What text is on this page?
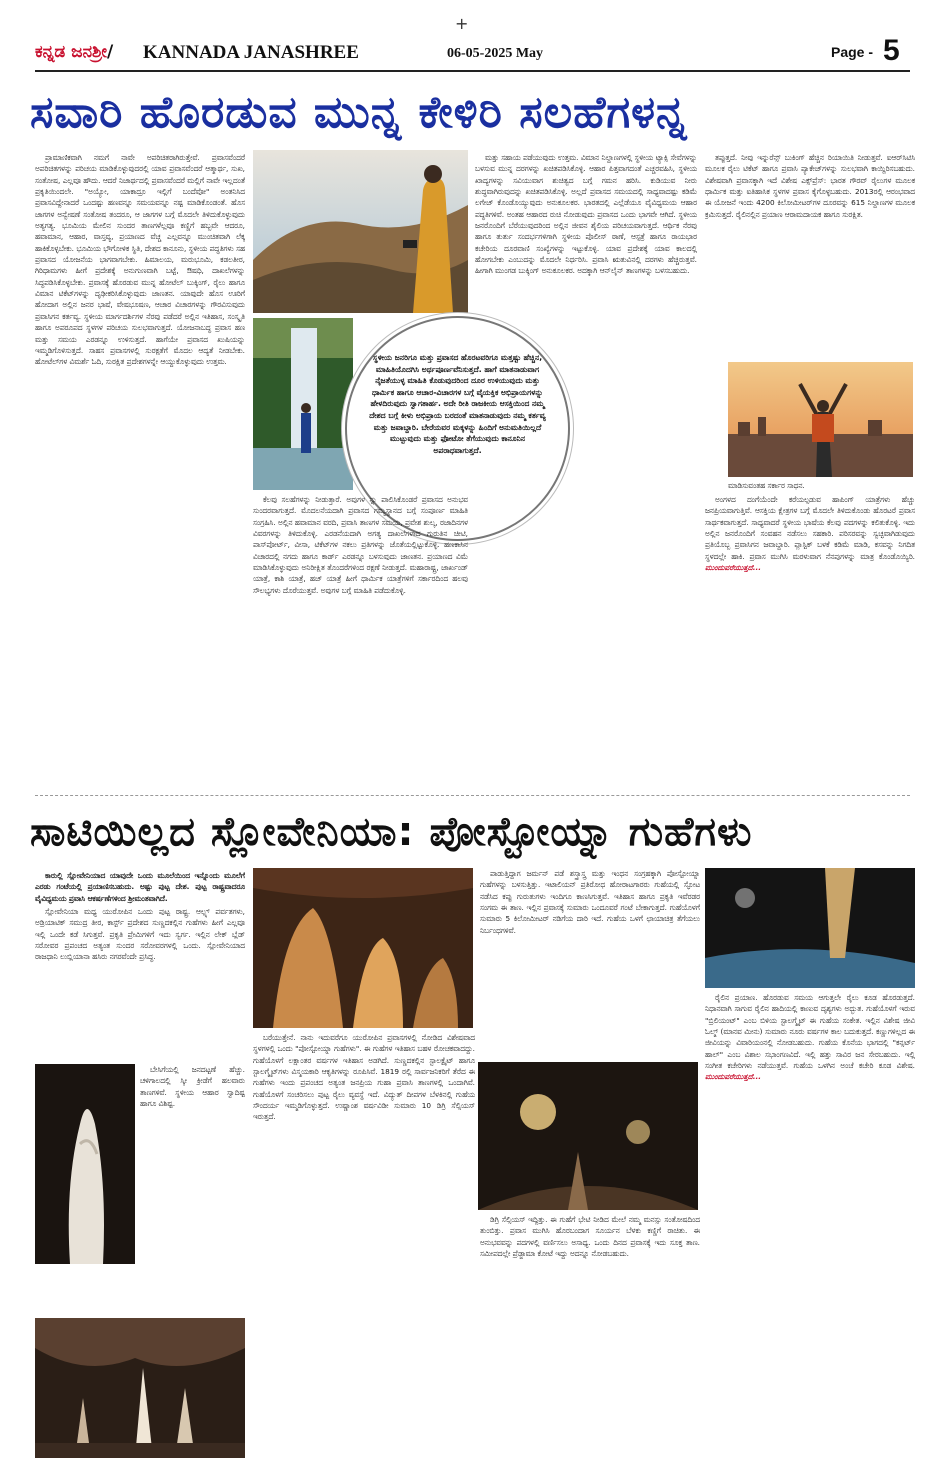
+
ಕನ್ನಡ ಜನಶ್ರೀ/ KANNADA JANASHREE	06-05-2025 May	Page - 5
ಸವಾರಿ ಹೊರಡುವ ಮುನ್ನ ಕೇಳಿರಿ ಸಲಹೆಗಳನ್ನ

ಪ್ರಾಮಾಣಿಕವಾಗಿ ನಮಗೆ ನಾವೇ ಅಪರಿಚಿತರಾಗಿರುತ್ತೇವೆ. ಪ್ರವಾಸವೆಂದರೆ ಅಪರಿಚಿತಗಳನ್ನು ಪರಿಚಯ ಮಾಡಿಕೊಳ್ಳುವುದರಲ್ಲಿ ಯಾವ ಪ್ರವಾಸವೆಂದರೆ ಆತ್ಮಾರ್ಥ, ಸುಖ, ಸಂತೋಷ, ಎಲ್ಲವೂ ಹೌದು. ಆದರೆ ನಿಜಾರ್ಥದಲ್ಲಿ ಪ್ರವಾಸವೆಂದರೆ ಮಲ್ಲಿಗೆ ನಾವೇ ಇಲ್ಲದಂತೆ ಪ್ರಕೃತಿಯಿಂದಲೇ. "ಅಯ್ಯೋ, ಯಾಕಾದ್ರೂ ಇಲ್ಲಿಗೆ ಬಂದೆವೋ" ಅಂತನಿಸಿದ ಪ್ರವಾಸವಿದ್ದೇನಾದರೆ ಒಂದಷ್ಟು ಹಣವನ್ನೂ ಸಮಯವನ್ನೂ ನಷ್ಟ ಮಾಡಿಕೊಂಡಂತೆ. ಹೊಸ ಜಾಗಗಳ ಅನ್ವೇಷಣೆ ಸಂತೋಷ ತಂದರೂ, ಆ ಜಾಗಗಳ ಬಗ್ಗೆ ಮೊದಲೇ ತಿಳಿದುಕೊಳ್ಳುವುದು ಅತ್ಯಗತ್ಯ. ಭೂಮಿಯ ಮೇಲಿನ ಸುಂದರ ತಾಣಗಳೆಲ್ಲವೂ ಕಣ್ಣಿಗೆ ಹಬ್ಬವೇ ಆದರೂ, ಹವಾಮಾನ, ಆಹಾರ, ವಾಸ್ತವ್ಯ, ಪ್ರಯಾಣದ ವೆಚ್ಚ ಎಲ್ಲವನ್ನೂ ಮುಂಚಿತವಾಗಿ ಲೆಕ್ಕ ಹಾಕಿಕೊಳ್ಳಬೇಕು. ಭೂಮಿಯ ಭೌಗೋಳಿಕ ಸ್ಥಿತಿ, ದೇಶದ ಕಾನೂನು, ಸ್ಥಳೀಯ ಪದ್ಧತಿಗಳು ಸಹ ಪ್ರವಾಸದ ಯೋಜನೆಯ ಭಾಗವಾಗಬೇಕು. ಹಿಮಾಲಯ, ಮರುಭೂಮಿ, ಕಡಲತೀರ, ಗಿರಿಧಾಮಗಳು ಹೀಗೆ ಪ್ರದೇಶಕ್ಕೆ ಅನುಗುಣವಾಗಿ ಬಟ್ಟೆ, ಔಷಧಿ, ದಾಖಲೆಗಳನ್ನು ಸಿದ್ಧಪಡಿಸಿಕೊಳ್ಳಬೇಕು. ಪ್ರವಾಸಕ್ಕೆ ಹೊರಡುವ ಮುನ್ನ ಹೋಟೆಲ್ ಬುಕ್ಕಿಂಗ್, ರೈಲು ಹಾಗೂ ವಿಮಾನ ಟಿಕೆಟ್‌ಗಳನ್ನು ದೃಢೀಕರಿಸಿಕೊಳ್ಳುವುದು ಜಾಣತನ. ಯಾವುದೇ ಹೊಸ ಊರಿಗೆ ಹೋದಾಗ ಅಲ್ಲಿನ ಜನರ ಭಾಷೆ, ವೇಷಭೂಷಣ, ಆಚಾರ ವಿಚಾರಗಳನ್ನು ಗೌರವಿಸುವುದು ಪ್ರವಾಸಿಗನ ಕರ್ತವ್ಯ. ಸ್ಥಳೀಯ ಮಾರ್ಗದರ್ಶಿಗಳ ನೆರವು ಪಡೆದರೆ ಅಲ್ಲಿನ ಇತಿಹಾಸ, ಸಂಸ್ಕೃತಿ ಹಾಗೂ ಅಪರೂಪದ ಸ್ಥಳಗಳ ಪರಿಚಯ ಸುಲಭವಾಗುತ್ತದೆ. ಯೋಜನಾಬದ್ಧ ಪ್ರವಾಸ ಹಣ ಮತ್ತು ಸಮಯ ಎರಡನ್ನೂ ಉಳಿಸುತ್ತದೆ. ಹಾಗೆಯೇ ಪ್ರವಾಸದ ಖುಷಿಯನ್ನು ಇಮ್ಮಡಿಗೊಳಿಸುತ್ತದೆ. ಸಾಹಸ ಪ್ರವಾಸಗಳಲ್ಲಿ ಸುರಕ್ಷತೆಗೆ ಮೊದಲ ಆದ್ಯತೆ ನೀಡಬೇಕು. ಹೋಟೆಲ್‌ಗಳ ವಿಮರ್ಶೆ ಓದಿ, ಸುರಕ್ಷಿತ ಪ್ರದೇಶಗಳನ್ನೇ ಆಯ್ದುಕೊಳ್ಳುವುದು ಉತ್ತಮ.	ಸ್ಥಳೀಯ ಜನರಿಗೂ ಮತ್ತು ಪ್ರವಾಸದ ಹೊರಟವರಿಗೂ ಮತ್ತಷ್ಟು ಹೆಚ್ಚಿನ, ಮಾಹಿತಿಯೊದಗಿಸಿ ಅರ್ಥಪೂರ್ಣವೆನಿಸುತ್ತದೆ. ಹಾಗೆ ಮಾತನಾಡುವಾಗ ನೈಜತೆಯುಳ್ಳ ಮಾಹಿತಿ ಕೊಡುವುದರಿಂದ ದೂರ ಉಳಿಯುವುದು ಮತ್ತು ಧಾರ್ಮಿಕ ಹಾಗೂ ಆಚಾರ-ವಿಚಾರಗಳ ಬಗ್ಗೆ ವೈಯಕ್ತಿಕ ಅಭಿಪ್ರಾಯಗಳನ್ನು ಹೇಳದಿರುವುದು ಸ್ವಾಗತಾರ್ಹ. ಅದೇ ರೀತಿ ರಾಜಕೀಯ ಆಸಕ್ತಿಯಿಂದ ನಮ್ಮ ದೇಶದ ಬಗ್ಗೆ ಕೀಳು ಅಭಿಪ್ರಾಯ ಬರದಂತೆ ಮಾತನಾಡುವುದು ನಮ್ಮ ಕರ್ತವ್ಯ ಮತ್ತು ಜವಾಬ್ದಾರಿ. ಬೇರೆಯವರ ಮಕ್ಕಳನ್ನು ಹಿಂದಿಗೆ ಅನುಮತಿಯಿಲ್ಲದೆ ಮುಟ್ಟುವುದು ಮತ್ತು ಫೋಟೋ ತೆಗೆಯುವುದು ಕಾನೂನಿನ ಅಪರಾಧವಾಗುತ್ತದೆ.

ಕೆಲವು ಸಲಹೆಗಳನ್ನು ನೀಡುತ್ತಾರೆ. ಅವುಗಳ ನ್ನು ಪಾಲಿಸಿಕೊಂಡರೆ ಪ್ರವಾಸದ ಅನುಭವ ಸುಂದರವಾಗುತ್ತದೆ. ಮೊದಲನೆಯದಾಗಿ ಪ್ರವಾಸದ ಗಮ್ಯಸ್ಥಾನದ ಬಗ್ಗೆ ಸಂಪೂರ್ಣ ಮಾಹಿತಿ ಸಂಗ್ರಹಿಸಿ. ಅಲ್ಲಿನ ಹವಾಮಾನ ವರದಿ, ಪ್ರವಾಸಿ ತಾಣಗಳ ಸಮಯ, ಪ್ರವೇಶ ಶುಲ್ಕ, ರಜಾದಿನಗಳ ವಿವರಗಳನ್ನು ತಿಳಿದುಕೊಳ್ಳಿ. ಎರಡನೆಯದಾಗಿ ಅಗತ್ಯ ದಾಖಲೆಗಳಾದ ಗುರುತಿನ ಚೀಟಿ, ಪಾಸ್‌ಪೋರ್ಟ್, ವೀಸಾ, ಟಿಕೆಟ್‌ಗಳ ನಕಲು ಪ್ರತಿಗಳನ್ನು ಜೊತೆಯಲ್ಲಿಟ್ಟುಕೊಳ್ಳಿ. ಹಣಕಾಸಿನ ವಿಚಾರದಲ್ಲಿ ನಗದು ಹಾಗೂ ಕಾರ್ಡ್ ಎರಡನ್ನೂ ಬಳಸುವುದು ಜಾಣತನ. ಪ್ರಯಾಣದ ವಿಮೆ ಮಾಡಿಸಿಕೊಳ್ಳುವುದು ಅನಿರೀಕ್ಷಿತ ತೊಂದರೆಗಳಿಂದ ರಕ್ಷಣೆ ನೀಡುತ್ತದೆ. ಮಹಾರಾಷ್ಟ್ರ, ಜಾರ್ಖಂಡ್ ಯಾತ್ರೆ, ಕಾಶಿ ಯಾತ್ರೆ, ಹಜ್ ಯಾತ್ರೆ ಹೀಗೆ ಧಾರ್ಮಿಕ ಯಾತ್ರೆಗಳಿಗೆ ಸರ್ಕಾರದಿಂದ ಹಲವು ಸೌಲಭ್ಯಗಳು ದೊರೆಯುತ್ತವೆ. ಅವುಗಳ ಬಗ್ಗೆ ಮಾಹಿತಿ ಪಡೆದುಕೊಳ್ಳಿ.

ಮತ್ತು ಸಹಾಯ ಪಡೆಯುವುದು ಉತ್ತಮ. ವಿಮಾನ ನಿಲ್ದಾಣಗಳಲ್ಲಿ ಸ್ಥಳೀಯ ಟ್ಯಾಕ್ಸಿ ಸೇವೆಗಳನ್ನು ಬಳಸುವ ಮುನ್ನ ದರಗಳನ್ನು ಖಚಿತಪಡಿಸಿಕೊಳ್ಳಿ. ಆಹಾರ ಪಿತ್ತವಾಗದಂತೆ ಎಚ್ಚರವಹಿಸಿ, ಸ್ಥಳೀಯ ಖಾದ್ಯಗಳನ್ನು ಸವಿಯುವಾಗ ಶುಚಿತ್ವದ ಬಗ್ಗೆ ಗಮನ ಹರಿಸಿ. ಕುಡಿಯುವ ನೀರು ಶುದ್ಧವಾಗಿರುವುದನ್ನು ಖಚಿತಪಡಿಸಿಕೊಳ್ಳಿ. ಅಲ್ಲದೆ ಪ್ರವಾಸದ ಸಮಯದಲ್ಲಿ ಸಾಧ್ಯವಾದಷ್ಟು ಕಡಿಮೆ ಲಗೇಜ್ ಕೊಂಡೊಯ್ಯುವುದು ಅನುಕೂಲಕರ. ಭಾರತದಲ್ಲಿ ಎಲ್ಲೆಡೆಯೂ ವೈವಿಧ್ಯಮಯ ಆಹಾರ ಪದ್ಧತಿಗಳಿವೆ. ಅಂತಹ ಆಹಾರದ ರುಚಿ ನೋಡುವುದು ಪ್ರವಾಸದ ಒಂದು ಭಾಗವೇ ಆಗಿದೆ. ಸ್ಥಳೀಯ ಜನರೊಂದಿಗೆ ಬೆರೆಯುವುದರಿಂದ ಅಲ್ಲಿನ ಜೀವನ ಶೈಲಿಯ ಪರಿಚಯವಾಗುತ್ತದೆ. ಆರ್ಥಿಕ ನೆರವು ಹಾಗೂ ತುರ್ತು ಸಂದರ್ಭಗಳಿಗಾಗಿ ಸ್ಥಳೀಯ ಪೊಲೀಸ್ ಠಾಣೆ, ಆಸ್ಪತ್ರೆ ಹಾಗೂ ರಾಯಭಾರ ಕಚೇರಿಯ ದೂರವಾಣಿ ಸಂಖ್ಯೆಗಳನ್ನು ಇಟ್ಟುಕೊಳ್ಳಿ. ಯಾವ ಪ್ರದೇಶಕ್ಕೆ ಯಾವ ಕಾಲದಲ್ಲಿ ಹೋಗಬೇಕು ಎಂಬುದನ್ನು ಮೊದಲೇ ನಿರ್ಧರಿಸಿ. ಪ್ರವಾಸಿ ಋತುವಿನಲ್ಲಿ ದರಗಳು ಹೆಚ್ಚಿರುತ್ತವೆ. ಹೀಗಾಗಿ ಮುಂಗಡ ಬುಕ್ಕಿಂಗ್ ಅನುಕೂಲಕರ. ಅದಕ್ಕಾಗಿ ಆನ್‌ಲೈನ್ ತಾಣಗಳನ್ನು ಬಳಸಬಹುದು.

ತಪ್ಪುತ್ತದೆ. ನೀವು ಇನ್ನುರೆನ್ಸ್ ಬುಕಿಂಗ್ ಹೆಚ್ಚಿನ ರಿಯಾಯಿತಿ ನೀಡುತ್ತವೆ. ಐಆರ್‌ಸಿಟಿಸಿ ಮೂಲಕ ರೈಲು ಟಿಕೆಟ್ ಹಾಗೂ ಪ್ರವಾಸಿ ಪ್ಯಾಕೇಜ್‌ಗಳನ್ನು ಸುಲಭವಾಗಿ ಕಾಯ್ದಿರಿಸಬಹುದು. ವಿಶೇಷವಾಗಿ ಪ್ರವಾಸಕ್ಕಾಗಿ ಇದೆ ವಿಶೇಷ ಎಕ್ಸ್‌ಪ್ರೆಸ್: ಭಾರತ ಗೌರವ್ ರೈಲುಗಳ ಮೂಲಕ ಧಾರ್ಮಿಕ ಮತ್ತು ಐತಿಹಾಸಿಕ ಸ್ಥಳಗಳ ಪ್ರವಾಸ ಕೈಗೊಳ್ಳಬಹುದು. 2013ರಲ್ಲಿ ಆರಂಭವಾದ ಈ ಯೋಜನೆ ಇಂದು 4200 ಕಿಲೋಮೀಟರ್‌ಗಳ ದೂರವನ್ನು 615 ನಿಲ್ದಾಣಗಳ ಮೂಲಕ ಕ್ರಮಿಸುತ್ತದೆ. ರೈಲಿನಲ್ಲಿನ ಪ್ರಯಾಣ ಆರಾಮದಾಯಕ ಹಾಗೂ ಸುರಕ್ಷಿತ.

ಮಾಡಿಸುವಂತಹ ಸರ್ಕಾರ ಸಾಧನ.

ಅಂಗಳದ ದಂಗೆಯೆಂದೇ ಕರೆಯಲ್ಪಡುವ ಹಾಪಿಂಗ್ ಯಾತ್ರೆಗಳು ಹೆಚ್ಚು ಜನಪ್ರಿಯವಾಗುತ್ತಿವೆ. ಆಸಕ್ತಿಯ ಕ್ಷೇತ್ರಗಳ ಬಗ್ಗೆ ಮೊದಲೇ ತಿಳಿದುಕೊಂಡು ಹೊರಟರೆ ಪ್ರವಾಸ ಸಾರ್ಥಕವಾಗುತ್ತದೆ. ಸಾಧ್ಯವಾದರೆ ಸ್ಥಳೀಯ ಭಾಷೆಯ ಕೆಲವು ಪದಗಳನ್ನು ಕಲಿತುಕೊಳ್ಳಿ. ಇದು ಅಲ್ಲಿನ ಜನರೊಂದಿಗೆ ಸಂವಹನ ನಡೆಸಲು ಸಹಕಾರಿ. ಪರಿಸರವನ್ನು ಸ್ವಚ್ಛವಾಗಿಡುವುದು ಪ್ರತಿಯೊಬ್ಬ ಪ್ರವಾಸಿಗನ ಜವಾಬ್ದಾರಿ. ಪ್ಲಾಸ್ಟಿಕ್ ಬಳಕೆ ಕಡಿಮೆ ಮಾಡಿ, ಕಸವನ್ನು ನಿಗದಿತ ಸ್ಥಳದಲ್ಲೇ ಹಾಕಿ. ಪ್ರವಾಸ ಮುಗಿಸಿ ಮರಳುವಾಗ ನೆನಪುಗಳನ್ನು ಮಾತ್ರ ಕೊಂಡೊಯ್ಯಿರಿ. ಮುಂದುವರೆಯುತ್ತದೆ...

ಸಾಟಿಯಿಲ್ಲದ ಸ್ಲೋವೇನಿಯಾ: ಪೋಸ್ಟೋಯ್ನಾ ಗುಹೆಗಳು

ಕಾರುಲ್ಲಿ ಸ್ಲೋವೇನಿಯಾದ ಯಾವುದೇ ಒಂದು ಮೂಲೆಯಿಂದ ಇನ್ನೊಂದು ಮೂಲೆಗೆ ಎರಡು ಗಂಟೆಯಲ್ಲಿ ಪ್ರಯಾಣಿಸಬಹುದು. ಅಷ್ಟು ಪುಟ್ಟ ದೇಶ. ಪುಟ್ಟ ರಾಷ್ಟ್ರವಾದರೂ ವೈವಿಧ್ಯಮಯ ಪ್ರವಾಸಿ ಆಕರ್ಷಣೆಗಳಿಂದ ಶ್ರೀಮಂತವಾಗಿದೆ.

ಸ್ಲೋವೇನಿಯಾ ಮಧ್ಯ ಯುರೋಪಿನ ಒಂದು ಪುಟ್ಟ ರಾಷ್ಟ್ರ. ಆಲ್ಪ್ಸ್ ಪರ್ವತಗಳು, ಅಡ್ರಿಯಾಟಿಕ್ ಸಮುದ್ರ ತೀರ, ಕಾರ್ಸ್ಟ್ ಪ್ರದೇಶದ ಸುಣ್ಣದಕಲ್ಲಿನ ಗುಹೆಗಳು ಹೀಗೆ ಎಲ್ಲವೂ ಇಲ್ಲಿ ಒಂದೇ ಕಡೆ ಸಿಗುತ್ತವೆ. ಪ್ರಕೃತಿ ಪ್ರೇಮಿಗಳಿಗೆ ಇದು ಸ್ವರ್ಗ. ಇಲ್ಲಿನ ಲೇಕ್ ಬ್ಲೆಡ್ ಸರೋವರ ಪ್ರಪಂಚದ ಅತ್ಯಂತ ಸುಂದರ ಸರೋವರಗಳಲ್ಲಿ ಒಂದು. ಸ್ಲೋವೇನಿಯಾದ ರಾಜಧಾನಿ ಲುಬ್ಲಿಯಾನಾ ಹಸಿರು ನಗರವೆಂದೇ ಪ್ರಸಿದ್ಧ.

ಬೇಸಿಗೆಯಲ್ಲಿ ಜನದಟ್ಟಣೆ ಹೆಚ್ಚು. ಚಳಿಗಾಲದಲ್ಲಿ ಸ್ಕೀ ಕ್ರೀಡೆಗೆ ಹಲವಾರು ತಾಣಗಳಿವೆ. ಸ್ಥಳೀಯ ಆಹಾರ ಸ್ವಾದಿಷ್ಟ ಹಾಗೂ ವಿಶಿಷ್ಟ.

ಬರೆಯುತ್ತೇನೆ. ನಾನು ಇದುವರೆಗೂ ಯುರೋಪಿನ ಪ್ರವಾಸಗಳಲ್ಲಿ ನೋಡಿದ ವಿಶೇಷವಾದ ಸ್ಥಳಗಳಲ್ಲಿ ಒಂದು "ಪೋಸ್ಟೋಯ್ನಾ ಗುಹೆಗಳು". ಈ ಗುಹೆಗಳ ಇತಿಹಾಸ ಬಹಳ ರೋಚಕವಾದದ್ದು. ಗುಹೆಯೊಳಗೆ ಲಕ್ಷಾಂತರ ವರ್ಷಗಳ ಇತಿಹಾಸ ಅಡಗಿದೆ. ಸುಣ್ಣದಕಲ್ಲಿನ ಸ್ಟಾಲಕ್ಟೈಟ್ ಹಾಗೂ ಸ್ಟಾಲಗ್ಮೈಟ್‌ಗಳು ವಿಸ್ಮಯಕಾರಿ ಆಕೃತಿಗಳನ್ನು ರೂಪಿಸಿವೆ. 1819 ರಲ್ಲಿ ಸಾರ್ವಜನಿಕರಿಗೆ ತೆರೆದ ಈ ಗುಹೆಗಳು ಇಂದು ಪ್ರಪಂಚದ ಅತ್ಯಂತ ಜನಪ್ರಿಯ ಗುಹಾ ಪ್ರವಾಸಿ ತಾಣಗಳಲ್ಲಿ ಒಂದಾಗಿವೆ. ಗುಹೆಯೊಳಗೆ ಸಂಚರಿಸಲು ಪುಟ್ಟ ರೈಲು ವ್ಯವಸ್ಥೆ ಇದೆ. ವಿದ್ಯುತ್ ದೀಪಗಳ ಬೆಳಕಿನಲ್ಲಿ ಗುಹೆಯ ಸೌಂದರ್ಯ ಇಮ್ಮಡಿಗೊಳ್ಳುತ್ತದೆ. ಉಷ್ಣಾಂಶ ವರ್ಷವಿಡೀ ಸುಮಾರು 10 ಡಿಗ್ರಿ ಸೆಲ್ಸಿಯಸ್ ಇರುತ್ತದೆ.

ಪಾಡುತ್ತಿದ್ದಾಗ ಜರ್ಮನ್ ಪಡೆ ಶಸ್ತ್ರಾಸ್ತ್ರ ಮತ್ತು ಇಂಧನ ಸಂಗ್ರಹಕ್ಕಾಗಿ ಪೋಸ್ಟೋಯ್ನಾ ಗುಹೆಗಳನ್ನು ಬಳಸುತ್ತಿತ್ತು. ಇಟಾಲಿಯನ್ ಪ್ರತಿರೋಧ ಹೋರಾಟಗಾರರು ಗುಹೆಯಲ್ಲಿ ಸ್ಫೋಟ ನಡೆಸಿದ ಕಪ್ಪು ಗುರುತುಗಳು ಇಂದಿಗೂ ಕಾಣಸಿಗುತ್ತವೆ. ಇತಿಹಾಸ ಹಾಗೂ ಪ್ರಕೃತಿ ಇವೆರಡರ ಸಂಗಮ ಈ ತಾಣ. ಇಲ್ಲಿನ ಪ್ರವಾಸಕ್ಕೆ ಸುಮಾರು ಒಂದೂವರೆ ಗಂಟೆ ಬೇಕಾಗುತ್ತದೆ. ಗುಹೆಯೊಳಗೆ ಸುಮಾರು 5 ಕಿಲೋಮೀಟರ್ ನಡಿಗೆಯ ದಾರಿ ಇದೆ. ಗುಹೆಯ ಒಳಗೆ ಛಾಯಾಚಿತ್ರ ತೆಗೆಯಲು ನಿರ್ಬಂಧಗಳಿವೆ.

ಡಿಗ್ರಿ ಸೆಲ್ಸಿಯಸ್ ಇದ್ದಿತ್ತು. ಈ ಗುಹೆಗೆ ಭೇಟಿ ನೀಡಿದ ಮೇಲೆ ನಮ್ಮ ಮನಸ್ಸು ಸಂತೋಷದಿಂದ ತುಂಬಿತ್ತು. ಪ್ರವಾಸ ಮುಗಿಸಿ ಹೊರಬಂದಾಗ ಸೂರ್ಯನ ಬೆಳಕು ಕಣ್ಣಿಗೆ ರಾಚಿತು. ಈ ಅನುಭವವನ್ನು ಪದಗಳಲ್ಲಿ ವರ್ಣಿಸಲು ಅಸಾಧ್ಯ. ಒಂದು ದಿನದ ಪ್ರವಾಸಕ್ಕೆ ಇದು ಸೂಕ್ತ ತಾಣ. ಸಮೀಪದಲ್ಲೇ ಪ್ರೆಡ್ಜಾಮಾ ಕೋಟೆ ಇದ್ದು ಅದನ್ನೂ ನೋಡಬಹುದು.

ರೈಲಿನ ಪ್ರಯಾಣ. ಹೊರಡುವ ಸಮಯ ಆಗುತ್ತಲೇ ರೈಲು ಕೂಡ ಹೊರಡುತ್ತದೆ. ನಿಧಾನವಾಗಿ ಸಾಗುವ ರೈಲಿನ ಹಾದಿಯಲ್ಲಿ ಕಾಣುವ ದೃಶ್ಯಗಳು ಅದ್ಭುತ. ಗುಹೆಯೊಳಗೆ ಇರುವ "ಬ್ರಿಲಿಯಂಟ್" ಎಂಬ ಬಿಳಿಯ ಸ್ಟಾಲಗ್ಮೈಟ್ ಈ ಗುಹೆಯ ಸಂಕೇತ. ಇಲ್ಲಿನ ವಿಶೇಷ ಜೀವಿ ಓಲ್ಮ್ (ಮಾನವ ಮೀನು) ಸುಮಾರು ನೂರು ವರ್ಷಗಳ ಕಾಲ ಬದುಕುತ್ತದೆ. ಕಣ್ಣುಗಳಿಲ್ಲದ ಈ ಜೀವಿಯನ್ನು ವಿವಾರಿಯಂನಲ್ಲಿ ನೋಡಬಹುದು. ಗುಹೆಯ ಕೊನೆಯ ಭಾಗದಲ್ಲಿ "ಕನ್ಸರ್ಟ್ ಹಾಲ್" ಎಂಬ ವಿಶಾಲ ಸಭಾಂಗಣವಿದೆ. ಇಲ್ಲಿ ಹತ್ತು ಸಾವಿರ ಜನ ಸೇರಬಹುದು. ಇಲ್ಲಿ ಸಂಗೀತ ಕಚೇರಿಗಳು ನಡೆಯುತ್ತವೆ. ಗುಹೆಯ ಒಳಗಿನ ಅಂಚೆ ಕಚೇರಿ ಕೂಡ ವಿಶೇಷ. ಮುಂದುವರೆಯುತ್ತದೆ...
